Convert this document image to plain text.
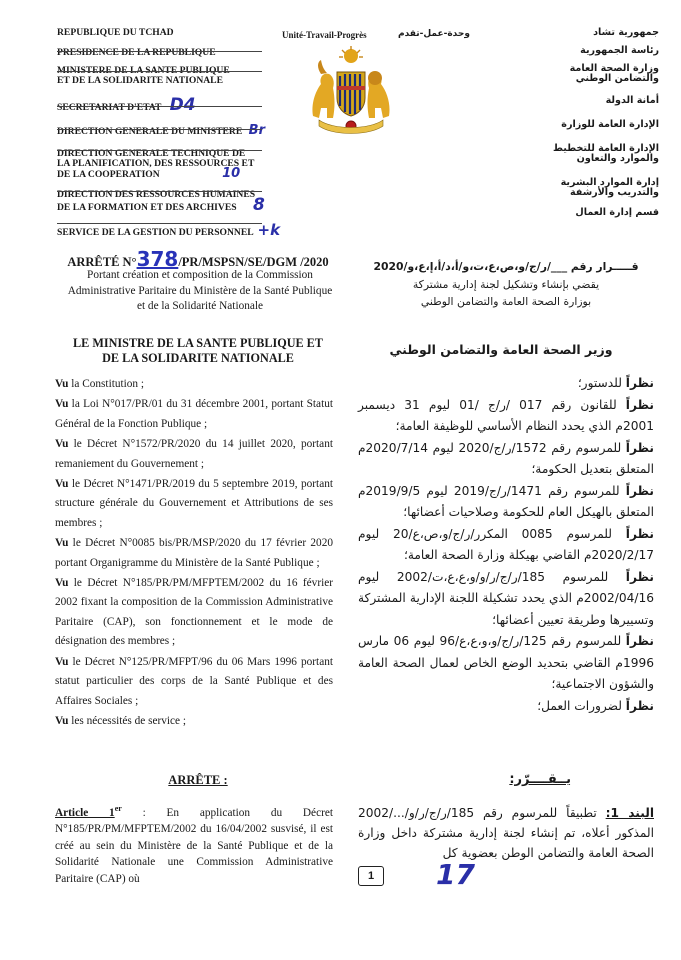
REPUBLIQUE DU TCHAD
PRESIDENCE DE LA REPUBLIQUE
MINISTERE DE LA SANTE PUBLIQUE
ET DE LA SOLIDARITE NATIONALE
SECRETARIAT D'ETAT D4
DIRECTION GENERALE DU MINISTERE Br
DIRECTION GENERALE TECHNIQUE DE
LA PLANIFICATION, DES RESSOURCES ET
DE LA COOPERATION	10
DIRECTION DES RESSOURCES HUMAINES
DE LA FORMATION ET DES ARCHIVES 8
SERVICE DE LA GESTION DU PERSONNEL +k
Unité-Travail-Progrès	وحدة-عمل-تقدم	جمهورية تشاد
رئاسة الجمهورية
وزارة الصحة العامة
والتضامن الوطني
أمانة الدولة
الإدارة العامة للوزارة
الإدارة العامة للتخطيط
والموارد والتعاون
إدارة الموارد البشرية
والتدريب والأرشفة
قسم إدارة العمال
ARRÊTÉ N°378/PR/MSPSN/SE/DGM /2020
Portant création et composition de la Commission Administrative Paritaire du Ministère de la Santé Publique et de la Solidarité Nationale
قـــــرار رقم ___/ر/ج/و،ص،ع،ت،و/أ،د/أ،إ،ع،و/2020
يقضي بإنشاء وتشكيل لجنة إدارية مشتركة
بوزارة الصحة العامة والتضامن الوطني
LE MINISTRE DE LA SANTE PUBLIQUE ET
DE LA SOLIDARITE NATIONALE
وزير الصحة العامة والتضامن الوطني
Vu la Constitution ;
Vu la Loi N°017/PR/01 du 31 décembre 2001, portant Statut Général de la Fonction Publique ;
Vu le Décret N°1572/PR/2020 du 14 juillet 2020, portant remaniement du Gouvernement ;
Vu le Décret N°1471/PR/2019 du 5 septembre 2019, portant structure générale du Gouvernement et Attributions de ses membres ;
Vu le Décret N°0085 bis/PR/MSP/2020 du 17 février 2020 portant Organigramme du Ministère de la Santé Publique ;
Vu le Décret N°185/PR/PM/MFPTEM/2002 du 16 février 2002 fixant la composition de la Commission Administrative Paritaire (CAP), son fonctionnement et le mode de désignation des membres ;
Vu le Décret N°125/PR/MFPT/96 du 06 Mars 1996 portant statut particulier des corps de la Santé Publique et des Affaires Sociales ;
Vu les nécessités de service ;
نظراً للدستور؛
نظراً للقانون رقم 017 /ر/ج /01 ليوم 31 ديسمبر 2001م الذي يحدد النظام الأساسي للوظيفة العامة؛
نظراً للمرسوم رقم 1572/ر/ج/2020 ليوم 2020/7/14م المتعلق بتعديل الحكومة؛
نظراً للمرسوم رقم 1471/ر/ج/2019 ليوم 2019/9/5م المتعلق بالهيكل العام للحكومة وصلاحيات أعضائها؛
نظراً للمرسوم 0085 المكرر/ر/ج/و،ص،ع/20 ليوم 2020/2/17م القاضي بهيكلة وزارة الصحة العامة؛
نظراً للمرسوم 185/ر/ج/ر/و/و،ع،ع،ت/2002 ليوم 2002/04/16م الذي يحدد تشكيلة اللجنة الإدارية المشتركة وتسييرها وطريقة تعيين أعضائها؛
نظراً للمرسوم رقم 125/ر/ج/و،و،ع،ع/96 ليوم 06 مارس 1996م القاضي بتحديد الوضع الخاص لعمال الصحة العامة والشؤون الاجتماعية؛
نظراً لضرورات العمل؛
ARRÊTE :	يــقــــرّر:
Article 1er : En application du Décret N°185/PR/PM/MFPTEM/2002 du 16/04/2002 susvisé, il est créé au sein du Ministère de la Santé Publique et de la Solidarité Nationale une Commission Administrative Paritaire (CAP) où
البند 1: تطبيقاً للمرسوم رقم 185/ر/ج/ر/و/.../2002 المذكور أعلاه، تم إنشاء لجنة إدارية مشتركة داخل وزارة الصحة العامة والتضامن الوطن بعضوية كل
1	17
